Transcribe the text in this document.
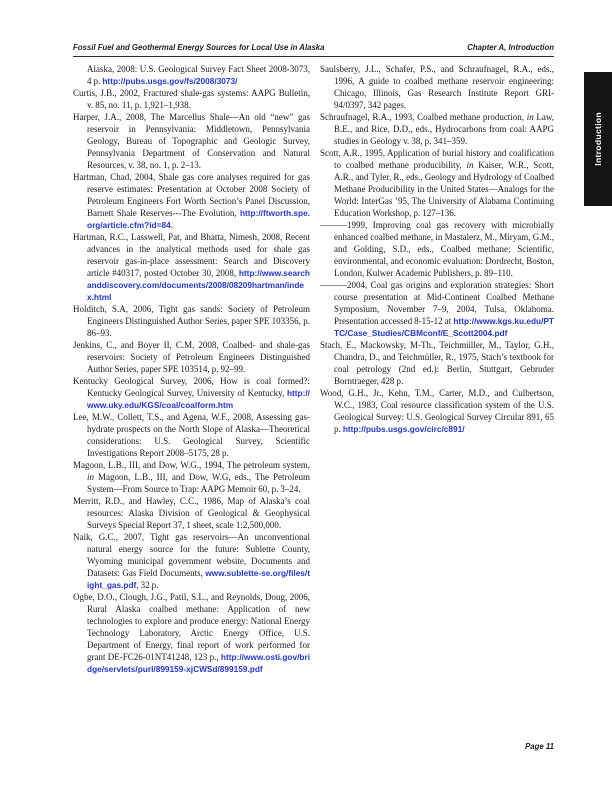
Fossil Fuel and Geothermal Energy Sources for Local Use in Alaska	Chapter A, Introduction

Alaska, 2008: U.S. Geological Survey Fact Sheet 2008-3073, 4 p. http://pubs.usgs.gov/fs/2008/3073/

Curtis, J.B., 2002, Fractured shale-gas systems: AAPG Bulletin, v. 85, no. 11, p. 1,921–1,938.

Harper, J.A., 2008, The Marcellus Shale—An old “new” gas reservoir in Pennsylvania: Middletown, Pennsylvania Geology, Bureau of Topographic and Geologic Survey, Pennsylvania Department of Conservation and Natural Resources, v. 38, no. 1, p. 2–13.

Hartman, Chad, 2004, Shale gas core analyses required for gas reserve estimates: Presentation at October 2008 Society of Petroleum Engineers Fort Worth Section’s Panel Discussion, Barnett Shale Reserves---The Evolution, http://ftworth.spe.org/article.cfm?id=84.

Hartman, R.C., Lasswell, Pat, and Bhatta, Nimesh, 2008, Recent advances in the analytical methods used for shale gas reservoir gas-in-place assessment: Search and Discovery article #40317, posted October 30, 2008, http://www.searchanddiscovery.com/documents/2008/08209hartman/index.html

Holditch, S.A, 2006, Tight gas sands: Society of Petroleum Engineers Distinguished Author Series, paper SPE 103356, p. 86–93.

Jenkins, C., and Boyer II, C.M, 2008, Coalbed- and shale-gas reservoirs: Society of Petroleum Engineers Distinguished Author Series, paper SPE 103514, p. 92–99.

Kentucky Geological Survey, 2006, How is coal formed?: Kentucky Geological Survey, University of Kentucky, http://www.uky.edu/KGS/coal/coalform.htm

Lee, M.W., Collett, T.S., and Agena, W.F., 2008, Assessing gas-hydrate prospects on the North Slope of Alaska—Theoretical considerations: U.S. Geological Survey, Scientific Investigations Report 2008–5175, 28 p.

Magoon, L.B., III, and Dow, W.G., 1994, The petroleum system, in Magoon, L.B., III, and Dow, W.G, eds., The Petroleum System—From Source to Trap: AAPG Memoir 60, p. 3–24.

Merritt, R.D., and Hawley, C.C., 1986, Map of Alaska’s coal resources: Alaska Division of Geological & Geophysical Surveys Special Report 37, 1 sheet, scale 1:2,500,000.

Naik, G.C., 2007, Tight gas reservoirs—An unconventional natural energy source for the future: Sublette County, Wyoming municipal government website, Documents and Datasets: Gas Field Documents, www.sublette-se.org/files/tight_gas.pdf, 32 p.

Ogbe, D.O., Clough, J.G., Patil, S.L., and Reynolds, Doug, 2006, Rural Alaska coalbed methane: Application of new technologies to explore and produce energy: National Energy Technology Laboratory, Arctic Energy Office, U.S. Department of Energy, final report of work performed for grant DE-FC26-01NT41248, 123 p., http://www.osti.gov/bridge/servlets/purl/899159-xjCWSd/899159.pdf

Saulsberry, J.L., Schafer, P.S., and Schraufnagel, R.A., eds., 1996, A guide to coalbed methane reservoir engineering: Chicago, Illinois, Gas Research Institute Report GRI-94/0397, 342 pages.

Schraufnagel, R.A., 1993, Coalbed methane production, in Law, B.E., and Rice, D.D., eds., Hydrocarbons from coal: AAPG studies in Geology v. 38, p. 341–359.

Scott, A.R., 1995, Application of burial history and coalification to coalbed methane producibility, in Kaiser, W.R., Scott, A.R., and Tyler, R., eds., Geology and Hydrology of Coalbed Methane Producibility in the United States—Analogs for the World: InterGas ’95, The University of Alabama Continuing Education Workshop, p. 127–136.

———1999, Improving coal gas recovery with microbially enhanced coalbed methane, in Mastalerz, M., Miryam, G.M., and Golding, S.D., eds., Coalbed methane; Scientific, environmental, and economic evaluation: Dordrecht, Boston, London, Kulwer Academic Publishers, p. 89–110.

———2004, Coal gas origins and exploration strategies: Short course presentation at Mid-Continent Coalbed Methane Symposium, November 7–9, 2004, Tulsa, Oklahoma. Presentation accessed 8-15-12 at http://www.kgs.ku.edu/PTTC/Case_Studies/CBMconf/E_Scott2004.pdf

Stach, E., Mackowsky, M-Th., Teichmüller, M., Taylor, G.H., Chandra, D., and Teichmüller, R., 1975, Stach’s textbook for coal petrology (2nd ed.): Berlin, Stuttgart, Gebruder Borntraeger, 428 p.

Wood, G.H., Jr., Kehn, T.M., Carter, M.D., and Culbertson, W.C., 1983, Coal resource classification system of the U.S. Geological Survey: U.S. Geological Survey Circular 891, 65 p. http://pubs.usgs.gov/circ/c891/

Introduction
Page 11
